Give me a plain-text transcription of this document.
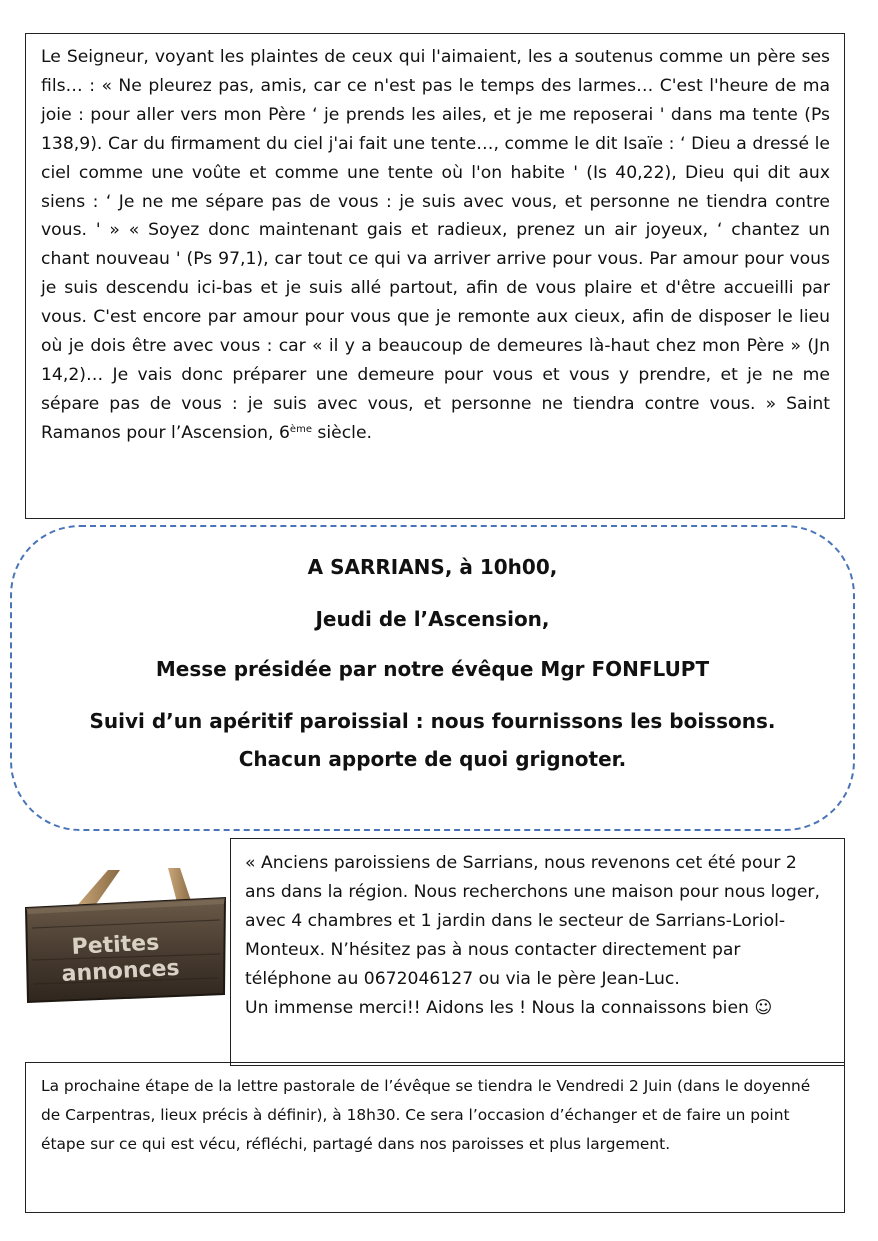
Le Seigneur, voyant les plaintes de ceux qui l'aimaient, les a soutenus comme un père ses fils… : « Ne pleurez pas, amis, car ce n'est pas le temps des larmes… C'est l'heure de ma joie : pour aller vers mon Père ‘ je prends les ailes, et je me reposerai ' dans ma tente (Ps 138,9). Car du firmament du ciel j'ai fait une tente…, comme le dit Isaïe : ‘ Dieu a dressé le ciel comme une voûte et comme une tente où l'on habite ' (Is 40,22), Dieu qui dit aux siens : ‘ Je ne me sépare pas de vous : je suis avec vous, et personne ne tiendra contre vous. ' » « Soyez donc maintenant gais et radieux, prenez un air joyeux, ‘ chantez un chant nouveau ' (Ps 97,1), car tout ce qui va arriver arrive pour vous. Par amour pour vous je suis descendu ici-bas et je suis allé partout, afin de vous plaire et d'être accueilli par vous. C'est encore par amour pour vous que je remonte aux cieux, afin de disposer le lieu où je dois être avec vous : car « il y a beaucoup de demeures là-haut chez mon Père » (Jn 14,2)… Je vais donc préparer une demeure pour vous et vous y prendre, et je ne me sépare pas de vous : je suis avec vous, et personne ne tiendra contre vous. » Saint Ramanos pour l’Ascension, 6ème siècle.

A SARRIANS, à 10h00,
Jeudi de l’Ascension,
Messe présidée par notre évêque Mgr FONFLUPT
Suivi d’un apéritif paroissial : nous fournissons les boissons.
Chacun apporte de quoi grignoter.
Petites
annonces

« Anciens paroissiens de Sarrians, nous revenons cet été pour 2 ans dans la région. Nous recherchons une maison pour nous loger, avec 4 chambres et 1 jardin dans le secteur de Sarrians-Loriol-Monteux. N’hésitez pas à nous contacter directement par téléphone au 0672046127 ou via le père Jean-Luc.
Un immense merci!! Aidons les ! Nous la connaissons bien ☺

La prochaine étape de la lettre pastorale de l’évêque se tiendra le Vendredi 2 Juin (dans le doyenné de Carpentras, lieux précis à définir), à 18h30. Ce sera l’occasion d’échanger et de faire un point étape sur ce qui est vécu, réfléchi, partagé dans nos paroisses et plus largement.
